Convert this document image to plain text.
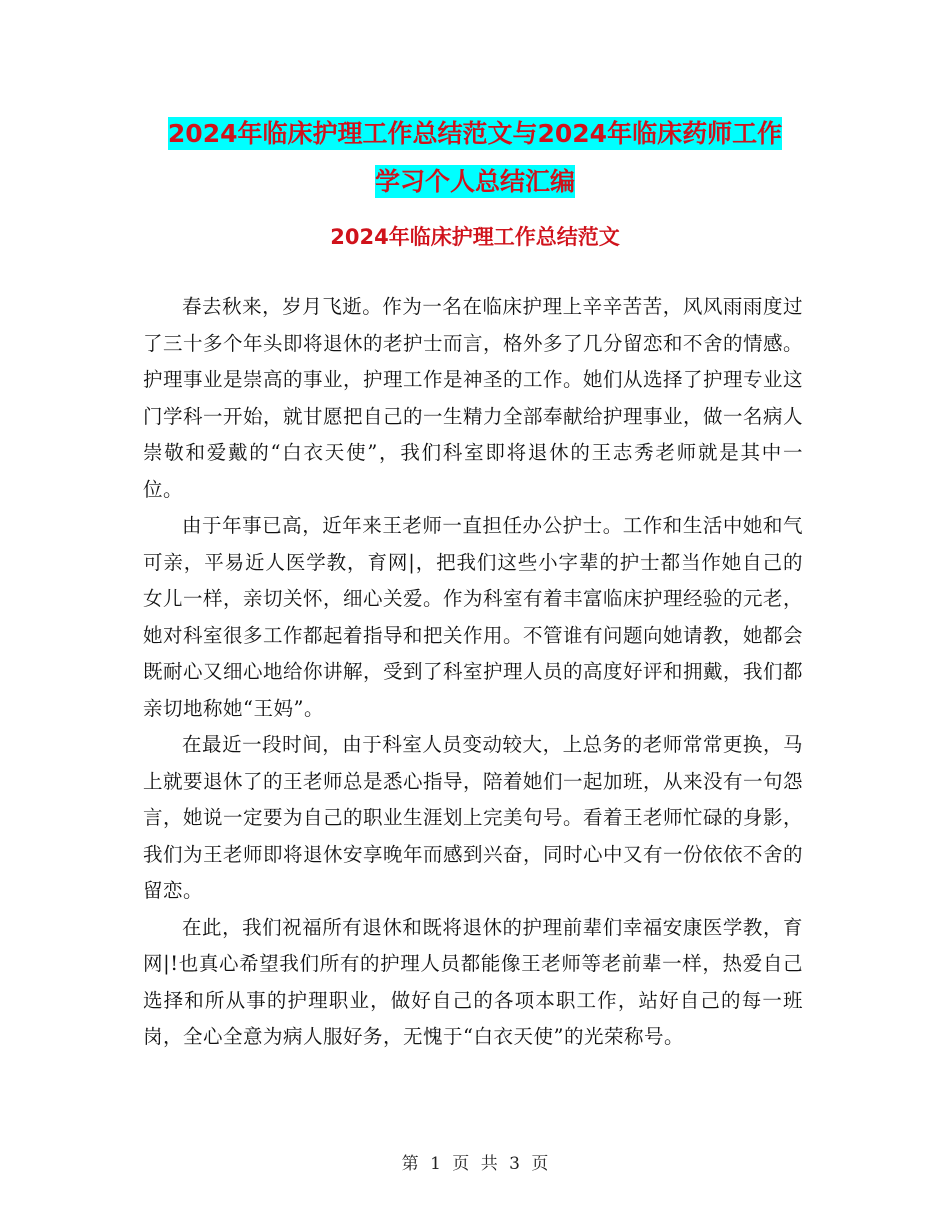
2024年临床护理工作总结范文与2024年临床药师工作
学习个人总结汇编
2024年临床护理工作总结范文

春去秋来，岁月飞逝。作为一名在临床护理上辛辛苦苦，风风雨雨度过了三十多个年头即将退休的老护士而言，格外多了几分留恋和不舍的情感。护理事业是崇高的事业，护理工作是神圣的工作。她们从选择了护理专业这门学科一开始，就甘愿把自己的一生精力全部奉献给护理事业，做一名病人崇敬和爱戴的“白衣天使”，我们科室即将退休的王志秀老师就是其中一位。

由于年事已高，近年来王老师一直担任办公护士。工作和生活中她和气可亲，平易近人医学教，育网|，把我们这些小字辈的护士都当作她自己的女儿一样，亲切关怀，细心关爱。作为科室有着丰富临床护理经验的元老，她对科室很多工作都起着指导和把关作用。不管谁有问题向她请教，她都会既耐心又细心地给你讲解，受到了科室护理人员的高度好评和拥戴，我们都亲切地称她“王妈”。

在最近一段时间，由于科室人员变动较大，上总务的老师常常更换，马上就要退休了的王老师总是悉心指导，陪着她们一起加班，从来没有一句怨言，她说一定要为自己的职业生涯划上完美句号。看着王老师忙碌的身影，我们为王老师即将退休安享晚年而感到兴奋，同时心中又有一份依依不舍的留恋。

在此，我们祝福所有退休和既将退休的护理前辈们幸福安康医学教，育网|!也真心希望我们所有的护理人员都能像王老师等老前辈一样，热爱自己选择和所从事的护理职业，做好自己的各项本职工作，站好自己的每一班岗，全心全意为病人服好务，无愧于“白衣天使”的光荣称号。

第 1 页 共 3 页
